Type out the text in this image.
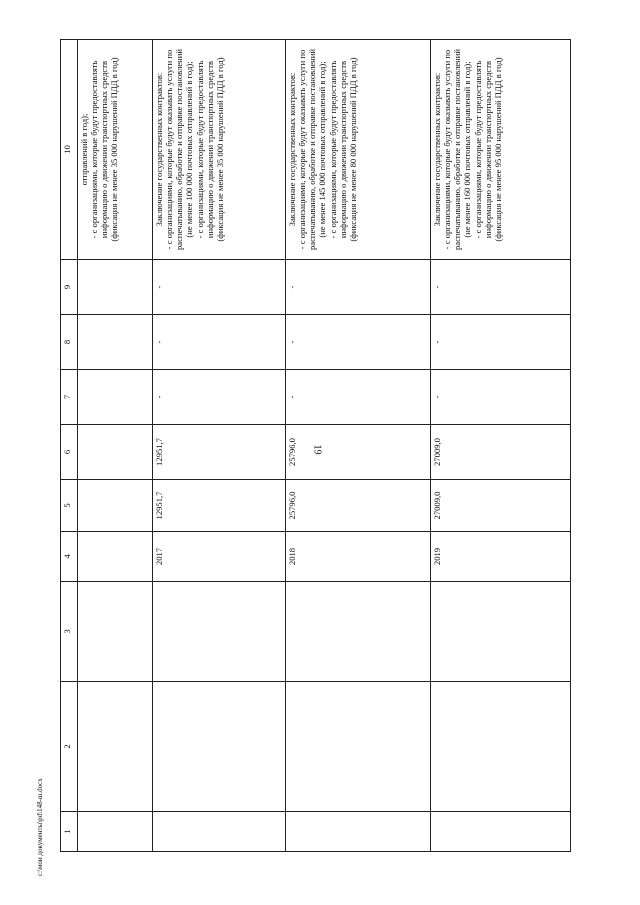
19
1	2	3	4	5	6	7	8	9	10
									отправлений в год);
- с организациями, которые будут предоставлять информацию о движении транспортных средств (фиксация не менее 35 000 нарушений ПДД в год)
			2017	12951,7	12951,7	-	-	-	Заключение государственных контрактов:
- с организациями, которые будут оказывать услуги по распечатыванию, обработке и отправке постановлений (не менее 100 000 почтовых отправлений в год);
- с организациями, которые будут предоставлять информацию о движении транспортных средств (фиксация не менее 35 000 нарушений ПДД в год)
			2018	25796,0	25796,0	-	-	-	Заключение государственных контрактов:
- с организациями, которые будут оказывать услуги по распечатыванию, обработке и отправке постановлений (не менее 145 000 почтовых отправлений в год);
- с организациями, которые будут предоставлять информацию о движении транспортных средств (фиксация не менее 80 000 нарушений ПДД в год)
			2019	27009,0	27009,0	-	-	-	Заключение государственных контрактов:
- с организациями, которые будут оказывать услуги по распечатыванию, обработке и отправке постановлений (не менее 160 000 почтовых отправлений в год);
- с организациями, которые будут предоставлять информацию о движении транспортных средств (фиксация не менее 95 000 нарушений ПДД в год)
с:\мои документы\рd\148-ш.docx
